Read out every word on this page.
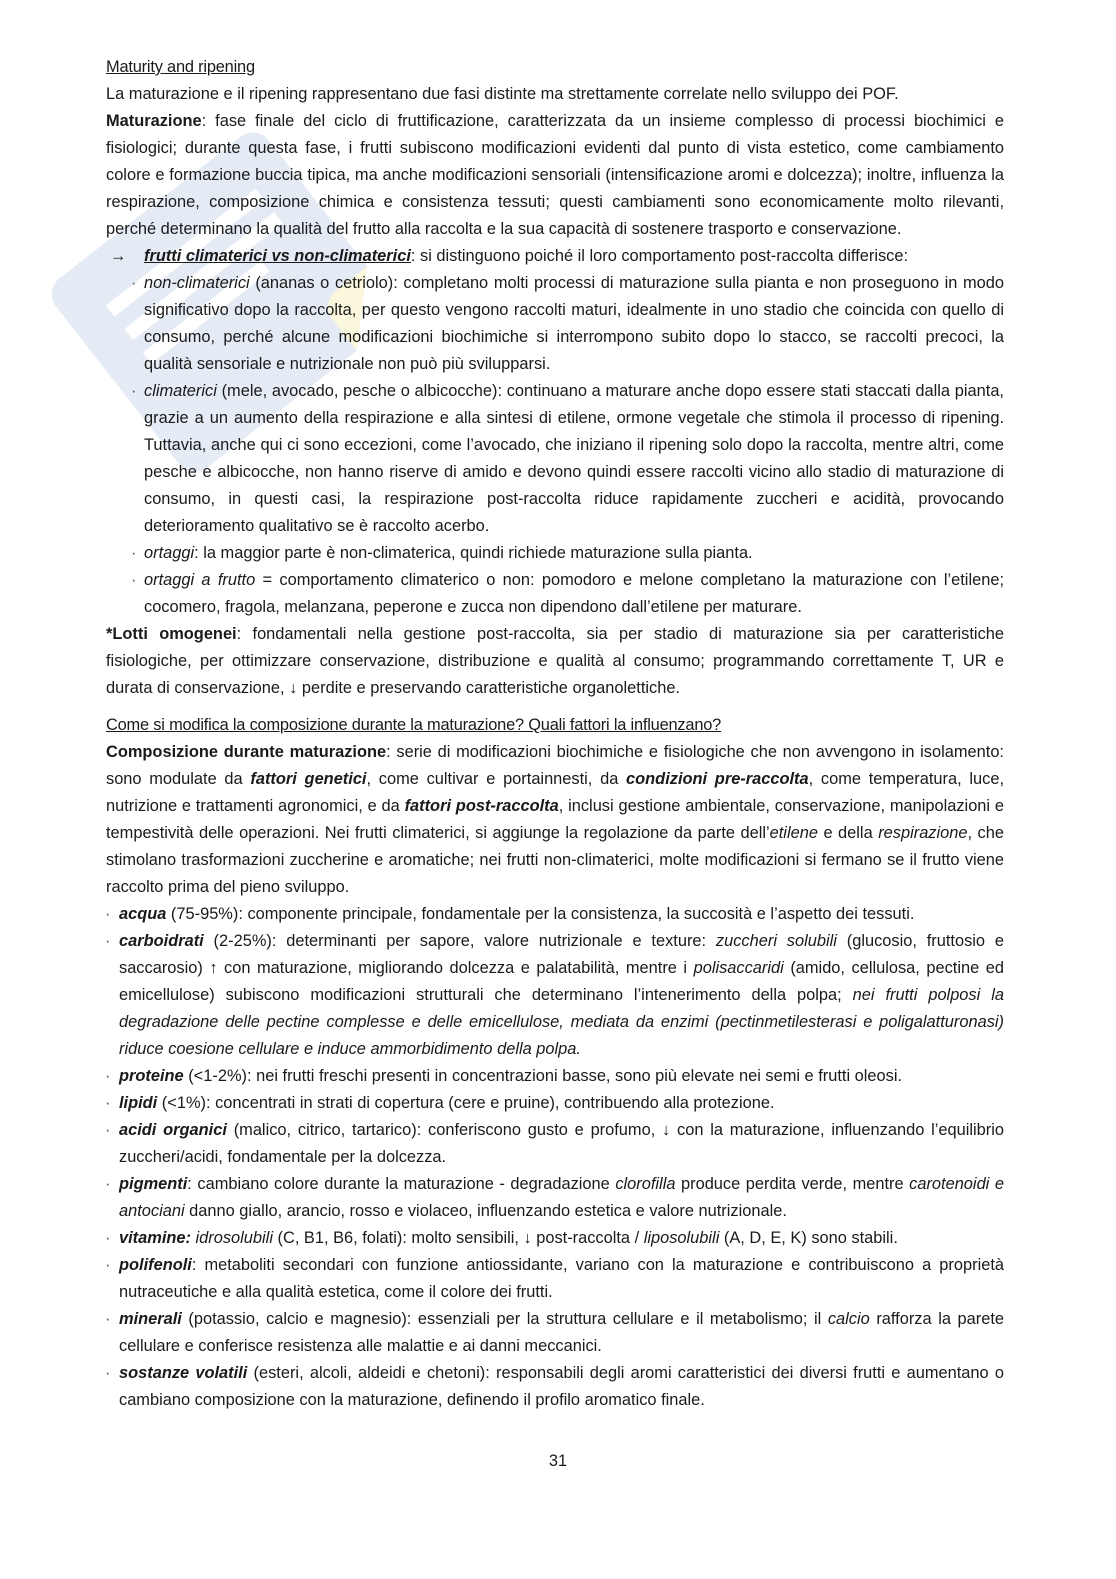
Maturity and ripening

La maturazione e il ripening rappresentano due fasi distinte ma strettamente correlate nello sviluppo dei POF.

Maturazione: fase finale del ciclo di fruttificazione, caratterizzata da un insieme complesso di processi biochimici e fisiologici; durante questa fase, i frutti subiscono modificazioni evidenti dal punto di vista estetico, come cambiamento colore e formazione buccia tipica, ma anche modificazioni sensoriali (intensificazione aromi e dolcezza); inoltre, influenza la respirazione, composizione chimica e consistenza tessuti; questi cambiamenti sono economicamente molto rilevanti, perché determinano la qualità del frutto alla raccolta e la sua capacità di sostenere trasporto e conservazione.

→ frutti climaterici vs non-climaterici: si distinguono poiché il loro comportamento post-raccolta differisce:

· non-climaterici (ananas o cetriolo): completano molti processi di maturazione sulla pianta e non proseguono in modo significativo dopo la raccolta, per questo vengono raccolti maturi, idealmente in uno stadio che coincida con quello di consumo, perché alcune modificazioni biochimiche si interrompono subito dopo lo stacco, se raccolti precoci, la qualità sensoriale e nutrizionale non può più svilupparsi.

· climaterici (mele, avocado, pesche o albicocche): continuano a maturare anche dopo essere stati staccati dalla pianta, grazie a un aumento della respirazione e alla sintesi di etilene, ormone vegetale che stimola il processo di ripening. Tuttavia, anche qui ci sono eccezioni, come l’avocado, che iniziano il ripening solo dopo la raccolta, mentre altri, come pesche e albicocche, non hanno riserve di amido e devono quindi essere raccolti vicino allo stadio di maturazione di consumo, in questi casi, la respirazione post-raccolta riduce rapidamente zuccheri e acidità, provocando deterioramento qualitativo se è raccolto acerbo.

· ortaggi: la maggior parte è non-climaterica, quindi richiede maturazione sulla pianta.

· ortaggi a frutto = comportamento climaterico o non: pomodoro e melone completano la maturazione con l’etilene; cocomero, fragola, melanzana, peperone e zucca non dipendono dall’etilene per maturare.

*Lotti omogenei: fondamentali nella gestione post-raccolta, sia per stadio di maturazione sia per caratteristiche fisiologiche, per ottimizzare conservazione, distribuzione e qualità al consumo; programmando correttamente T, UR e durata di conservazione, ↓ perdite e preservando caratteristiche organolettiche.

Come si modifica la composizione durante la maturazione? Quali fattori la influenzano?

Composizione durante maturazione: serie di modificazioni biochimiche e fisiologiche che non avvengono in isolamento: sono modulate da fattori genetici, come cultivar e portainnesti, da condizioni pre-raccolta, come temperatura, luce, nutrizione e trattamenti agronomici, e da fattori post-raccolta, inclusi gestione ambientale, conservazione, manipolazioni e tempestività delle operazioni. Nei frutti climaterici, si aggiunge la regolazione da parte dell’etilene e della respirazione, che stimolano trasformazioni zuccherine e aromatiche; nei frutti non-climaterici, molte modificazioni si fermano se il frutto viene raccolto prima del pieno sviluppo.

· acqua (75-95%): componente principale, fondamentale per la consistenza, la succosità e l’aspetto dei tessuti.

· carboidrati (2-25%): determinanti per sapore, valore nutrizionale e texture: zuccheri solubili (glucosio, fruttosio e saccarosio) ↑ con maturazione, migliorando dolcezza e palatabilità, mentre i polisaccaridi (amido, cellulosa, pectine ed emicellulose) subiscono modificazioni strutturali che determinano l’intenerimento della polpa; nei frutti polposi la degradazione delle pectine complesse e delle emicellulose, mediata da enzimi (pectinmetilesterasi e poligalatturonasi) riduce coesione cellulare e induce ammorbidimento della polpa.

· proteine (<1-2%): nei frutti freschi presenti in concentrazioni basse, sono più elevate nei semi e frutti oleosi.

· lipidi (<1%): concentrati in strati di copertura (cere e pruine), contribuendo alla protezione.

· acidi organici (malico, citrico, tartarico): conferiscono gusto e profumo, ↓ con la maturazione, influenzando l’equilibrio zuccheri/acidi, fondamentale per la dolcezza.

· pigmenti: cambiano colore durante la maturazione - degradazione clorofilla produce perdita verde, mentre carotenoidi e antociani danno giallo, arancio, rosso e violaceo, influenzando estetica e valore nutrizionale.

· vitamine: idrosolubili (C, B1, B6, folati): molto sensibili, ↓ post-raccolta / liposolubili (A, D, E, K) sono stabili.

· polifenoli: metaboliti secondari con funzione antiossidante, variano con la maturazione e contribuiscono a proprietà nutraceutiche e alla qualità estetica, come il colore dei frutti.

· minerali (potassio, calcio e magnesio): essenziali per la struttura cellulare e il metabolismo; il calcio rafforza la parete cellulare e conferisce resistenza alle malattie e ai danni meccanici.

· sostanze volatili (esteri, alcoli, aldeidi e chetoni): responsabili degli aromi caratteristici dei diversi frutti e aumentano o cambiano composizione con la maturazione, definendo il profilo aromatico finale.

31
